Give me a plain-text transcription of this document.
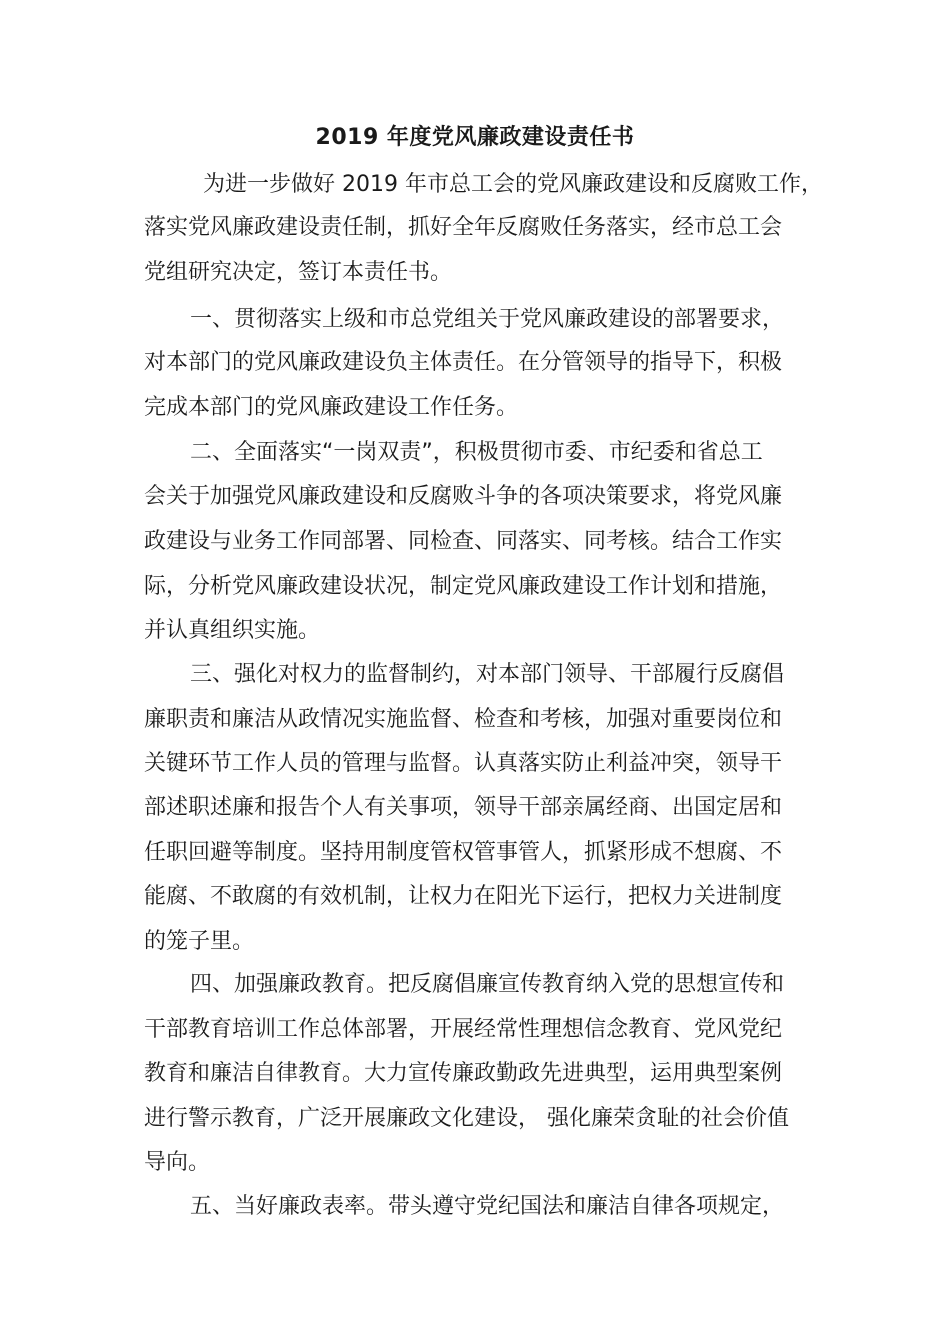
2019 年度党风廉政建设责任书
为进一步做好 2019 年市总工会的党风廉政建设和反腐败工作，
落实党风廉政建设责任制，抓好全年反腐败任务落实，经市总工会
党组研究决定，签订本责任书。
一、贯彻落实上级和市总党组关于党风廉政建设的部署要求，
对本部门的党风廉政建设负主体责任。在分管领导的指导下，积极
完成本部门的党风廉政建设工作任务。
二、全面落实“一岗双责”，积极贯彻市委、市纪委和省总工
会关于加强党风廉政建设和反腐败斗争的各项决策要求，将党风廉
政建设与业务工作同部署、同检查、同落实、同考核。结合工作实
际，分析党风廉政建设状况，制定党风廉政建设工作计划和措施，
并认真组织实施。
三、强化对权力的监督制约，对本部门领导、干部履行反腐倡
廉职责和廉洁从政情况实施监督、检查和考核，加强对重要岗位和
关键环节工作人员的管理与监督。认真落实防止利益冲突，领导干
部述职述廉和报告个人有关事项，领导干部亲属经商、出国定居和
任职回避等制度。坚持用制度管权管事管人，抓紧形成不想腐、不
能腐、不敢腐的有效机制，让权力在阳光下运行，把权力关进制度
的笼子里。
四、加强廉政教育。把反腐倡廉宣传教育纳入党的思想宣传和
干部教育培训工作总体部署，开展经常性理想信念教育、党风党纪
教育和廉洁自律教育。大力宣传廉政勤政先进典型，运用典型案例
进行警示教育，广泛开展廉政文化建设， 强化廉荣贪耻的社会价值
导向。
五、当好廉政表率。带头遵守党纪国法和廉洁自律各项规定，
